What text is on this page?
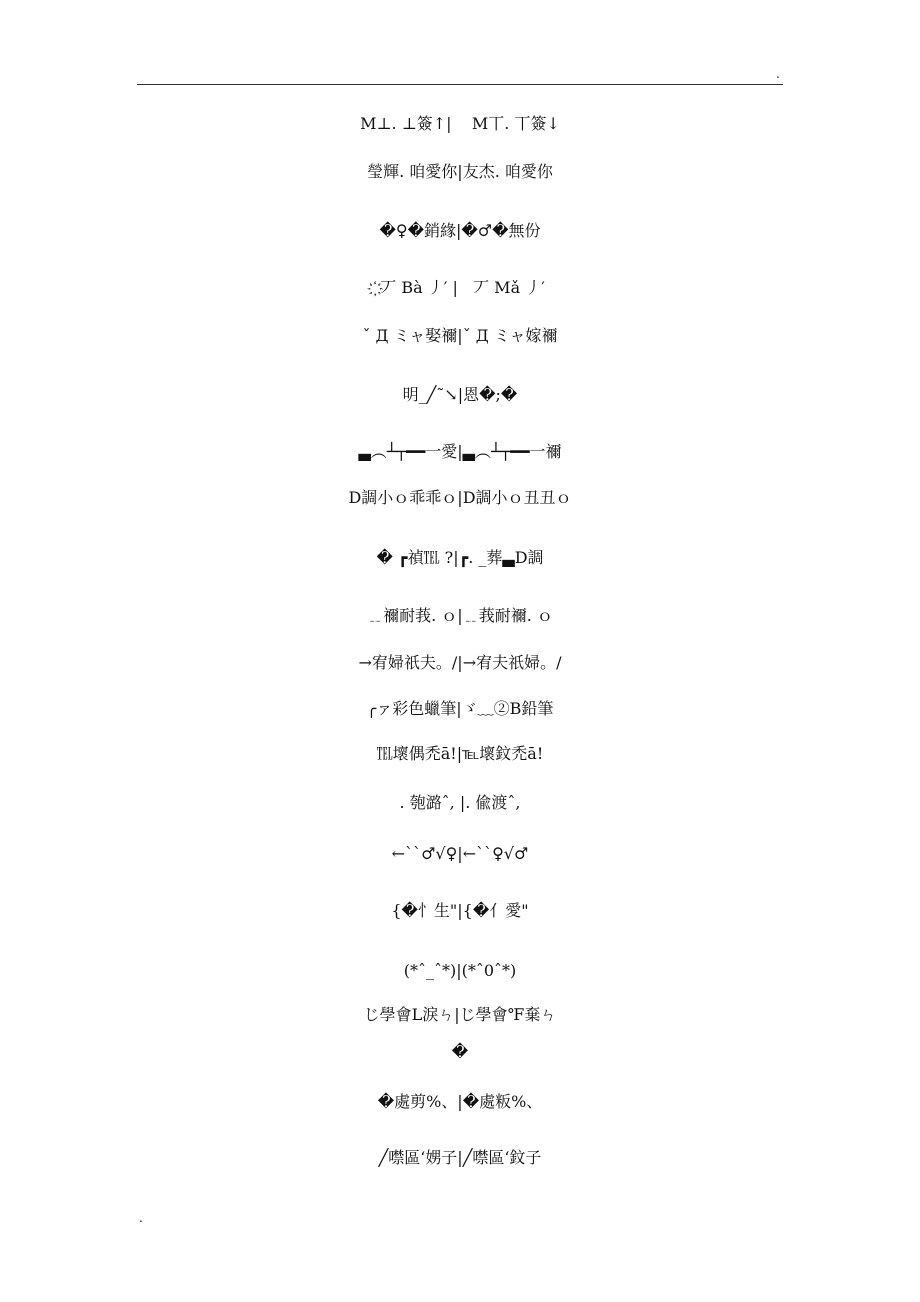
.
M⊥. ⊥簽↑|    M丅. 丅簽↓
瑩輝. 咱愛你|友杰. 咱愛你
�♀�銷緣|�♂�無份
҉ 丆 Bà 丿′ |   丆 Mǎ 丿′
ˇ Д ミャ娶禰|ˇ Д ミャ嫁禰
明_╱˜↘|恩�;�
▃︵┴┬━━一愛|▃︵┴┬━━一禰
D調小ｏ乖乖ｏ|D調小ｏ丑丑ｏ
� ┏禎℡ ?|┏. _葬▃D調
﹎禰耐莪. ｏ|﹎莪耐禰. ｏ
→宥婦祇夫。/|→宥夫祇婦。/
╭ァ彩色蠟筆|ゞ﹏②B鉛筆
℡壞偶禿ā!|℡壞鈫禿ā!
. 匏潞ˆ, |. 偸渡ˆ,
←``♂√♀|←``♀√♂
{�忄生"|{�亻愛"
(*ˆ_ˆ*)|(*ˆ0ˆ*)
じ學會L淚ㄣ|じ學會℉棄ㄣ
�
�處剪%、|�處粄%、
╱噤區‘娚子|╱噤區‘鈫子
.
